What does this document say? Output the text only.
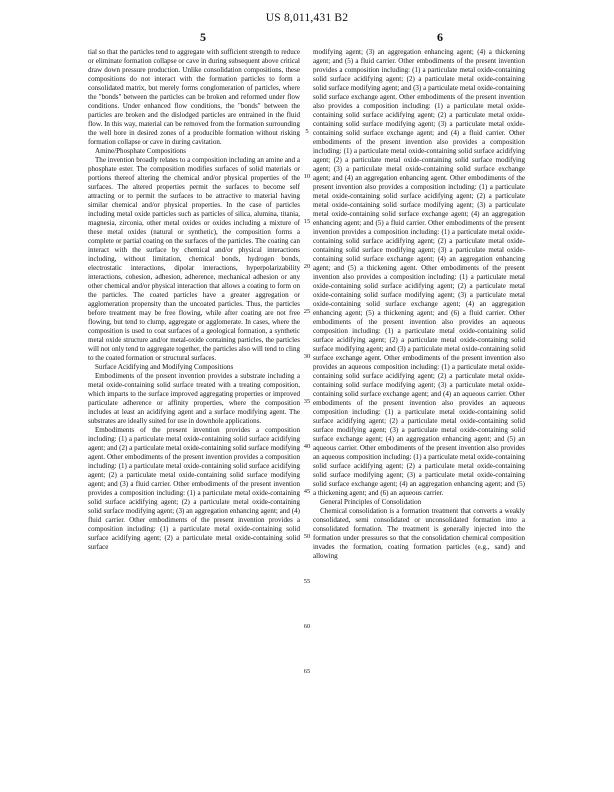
US 8,011,431 B2
5	6

tial so that the particles tend to aggregate with sufficient strength to reduce or eliminate formation collapse or cave in during subsequent above critical draw down pressure production. Unlike consolidation compositions, these compositions do not interact with the formation particles to form a consolidated matrix, but merely forms conglomeration of particles, where the "bonds" between the particles can be broken and reformed under flow conditions. Under enhanced flow conditions, the "bonds" between the particles are broken and the dislodged particles are entrained in the fluid flow. In this way, material can be removed from the formation surrounding the well bore in desired zones of a producible formation without risking formation collapse or cave in during cavitation.

Amine/Phosphate Compositions

The invention broadly relates to a composition including an amine and a phosphate ester. The composition modifies surfaces of solid materials or portions thereof altering the chemical and/or physical properties of the surfaces. The altered properties permit the surfaces to become self attracting or to permit the surfaces to be attractive to material having similar chemical and/or physical properties. In the case of particles including metal oxide particles such as particles of silica, alumina, titania, magnesia, zirconia, other metal oxides or oxides including a mixture of these metal oxides (natural or synthetic), the composition forms a complete or partial coating on the surfaces of the particles. The coating can interact with the surface by chemical and/or physical interactions including, without limitation, chemical bonds, hydrogen bonds, electrostatic interactions, dipolar interactions, hyperpolarizability interactions, cohesion, adhesion, adherence, mechanical adhesion or any other chemical and/or physical interaction that allows a coating to form on the particles. The coated particles have a greater aggregation or agglomeration propensity than the uncoated particles. Thus, the particles before treatment may be free flowing, while after coating are not free flowing, but tend to clump, aggregate or agglomerate. In cases, where the composition is used to coat surfaces of a geological formation, a synthetic metal oxide structure and/or metal-oxide containing particles, the particles will not only tend to aggregate together, the particles also will tend to cling to the coated formation or structural surfaces.

Surface Acidifying and Modifying Compositions

Embodiments of the present invention provides a substrate including a metal oxide-containing solid surface treated with a treating composition, which imparts to the surface improved aggregating properties or improved particulate adherence or affinity properties, where the composition includes at least an acidifying agent and a surface modifying agent. The substrates are ideally suited for use in downhole applications.

Embodiments of the present invention provides a composition including: (1) a particulate metal oxide-containing solid surface acidifying agent; and (2) a particulate metal oxide-containing solid surface modifying agent. Other embodiments of the present invention provides a composition including: (1) a particulate metal oxide-containing solid surface acidifying agent; (2) a particulate metal oxide-containing solid surface modifying agent; and (3) a fluid carrier. Other embodiments of the present invention provides a composition including: (1) a particulate metal oxide-containing solid surface acidifying agent; (2) a particulate metal oxide-containing solid surface modifying agent; (3) an aggregation enhancing agent; and (4) fluid carrier. Other embodiments of the present invention provides a composition including: (1) a particulate metal oxide-containing solid surface acidifying agent; (2) a particulate metal oxide-containing solid surface

modifying agent; (3) an aggregation enhancing agent; (4) a thickening agent; and (5) a fluid carrier. Other embodiments of the present invention provides a composition including: (1) a particulate metal oxide-containing solid surface acidifying agent; (2) a particulate metal oxide-containing solid surface modifying agent; and (3) a particulate metal oxide-containing solid surface exchange agent. Other embodiments of the present invention also provides a composition including: (1) a particulate metal oxide-containing solid surface acidifying agent; (2) a particulate metal oxide-containing solid surface modifying agent; (3) a particulate metal oxide-containing solid surface exchange agent; and (4) a fluid carrier. Other embodiments of the present invention also provides a composition including: (1) a particulate metal oxide-containing solid surface acidifying agent; (2) a particulate metal oxide-containing solid surface modifying agent; (3) a particulate metal oxide-containing solid surface exchange agent; and (4) an aggregation enhancing agent. Other embodiments of the present invention also provides a composition including: (1) a particulate metal oxide-containing solid surface acidifying agent; (2) a particulate metal oxide-containing solid surface modifying agent; (3) a particulate metal oxide-containing solid surface exchange agent; (4) an aggregation enhancing agent; and (5) a fluid carrier. Other embodiments of the present invention provides a composition including: (1) a particulate metal oxide-containing solid surface acidifying agent; (2) a particulate metal oxide-containing solid surface modifying agent; (3) a particulate metal oxide-containing solid surface exchange agent; (4) an aggregation enhancing agent; and (5) a thickening agent. Other embodiments of the present invention also provides a composition including: (1) a particulate metal oxide-containing solid surface acidifying agent; (2) a particulate metal oxide-containing solid surface modifying agent; (3) a particulate metal oxide-containing solid surface exchange agent; (4) an aggregation enhancing agent; (5) a thickening agent; and (6) a fluid carrier. Other embodiments of the present invention also provides an aqueous composition including: (1) a particulate metal oxide-containing solid surface acidifying agent; (2) a particulate metal oxide-containing solid surface modifying agent; and (3) a particulate metal oxide-containing solid surface exchange agent. Other embodiments of the present invention also provides an aqueous composition including: (1) a particulate metal oxide-containing solid surface acidifying agent; (2) a particulate metal oxide-containing solid surface modifying agent; (3) a particulate metal oxide-containing solid surface exchange agent; and (4) an aqueous carrier. Other embodiments of the present invention also provides an aqueous composition including: (1) a particulate metal oxide-containing solid surface acidifying agent; (2) a particulate metal oxide-containing solid surface modifying agent; (3) a particulate metal oxide-containing solid surface exchange agent; (4) an aggregation enhancing agent; and (5) an aqueous carrier. Other embodiments of the present invention also provides an aqueous composition including: (1) a particulate metal oxide-containing solid surface acidifying agent; (2) a particulate metal oxide-containing solid surface modifying agent; (3) a particulate metal oxide-containing solid surface exchange agent; (4) an aggregation enhancing agent; and (5) a thickening agent; and (6) an aqueous carrier.

General Principles of Consolidation

Chemical consolidation is a formation treatment that converts a weakly consolidated, semi consolidated or unconsolidated formation into a consolidated formation. The treatment is generally injected into the formation under pressures so that the consolidation chemical composition invades the formation, coating formation particles (e.g., sand) and allowing

5
10
15
20
25
30
35
40
45
50
55
60
65
